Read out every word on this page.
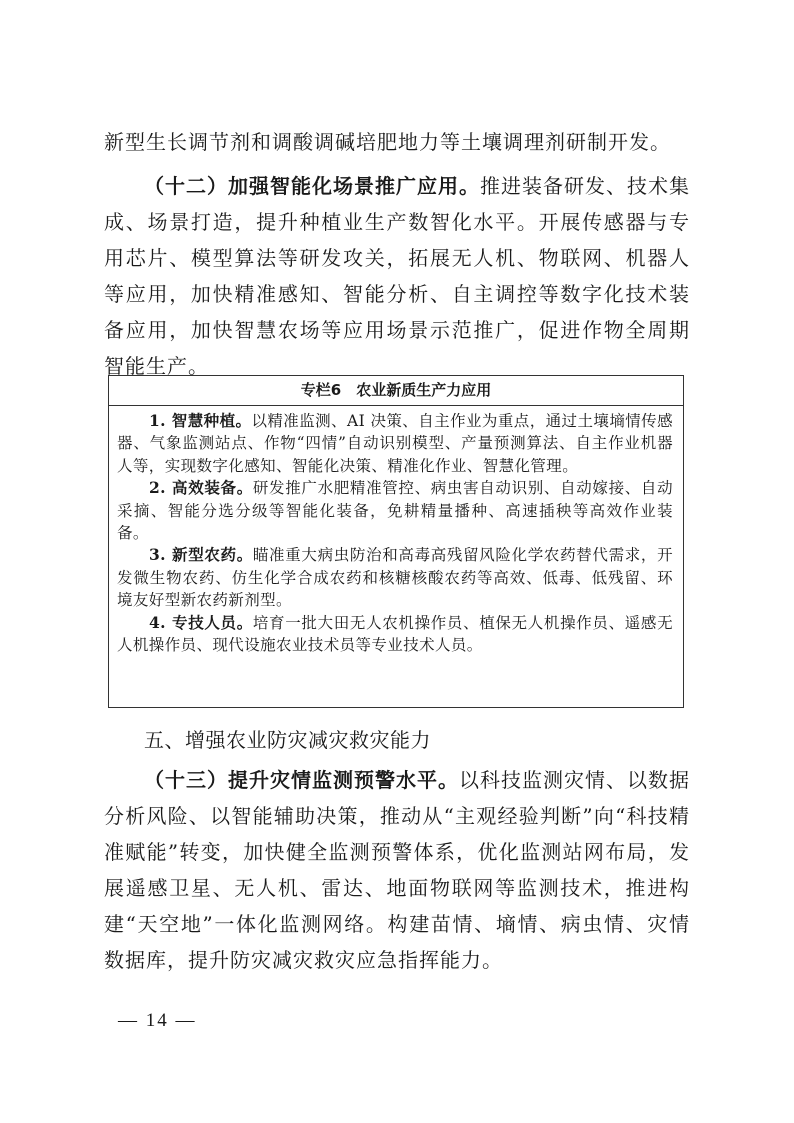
新型生长调节剂和调酸调碱培肥地力等土壤调理剂研制开发。

（十二）加强智能化场景推广应用。推进装备研发、技术集成、场景打造，提升种植业生产数智化水平。开展传感器与专用芯片、模型算法等研发攻关，拓展无人机、物联网、机器人等应用，加快精准感知、智能分析、自主调控等数字化技术装备应用，加快智慧农场等应用场景示范推广，促进作物全周期智能生产。

专栏6　农业新质生产力应用

1. 智慧种植。以精准监测、AI 决策、自主作业为重点，通过土壤墒情传感器、气象监测站点、作物“四情”自动识别模型、产量预测算法、自主作业机器人等，实现数字化感知、智能化决策、精准化作业、智慧化管理。

2. 高效装备。研发推广水肥精准管控、病虫害自动识别、自动嫁接、自动采摘、智能分选分级等智能化装备，免耕精量播种、高速插秧等高效作业装备。

3. 新型农药。瞄准重大病虫防治和高毒高残留风险化学农药替代需求，开发微生物农药、仿生化学合成农药和核糖核酸农药等高效、低毒、低残留、环境友好型新农药新剂型。

4. 专技人员。培育一批大田无人农机操作员、植保无人机操作员、遥感无人机操作员、现代设施农业技术员等专业技术人员。

五、增强农业防灾减灾救灾能力

（十三）提升灾情监测预警水平。以科技监测灾情、以数据分析风险、以智能辅助决策，推动从“主观经验判断”向“科技精准赋能”转变，加快健全监测预警体系，优化监测站网布局，发展遥感卫星、无人机、雷达、地面物联网等监测技术，推进构建“天空地”一体化监测网络。构建苗情、墒情、病虫情、灾情数据库，提升防灾减灾救灾应急指挥能力。

— 14 —
